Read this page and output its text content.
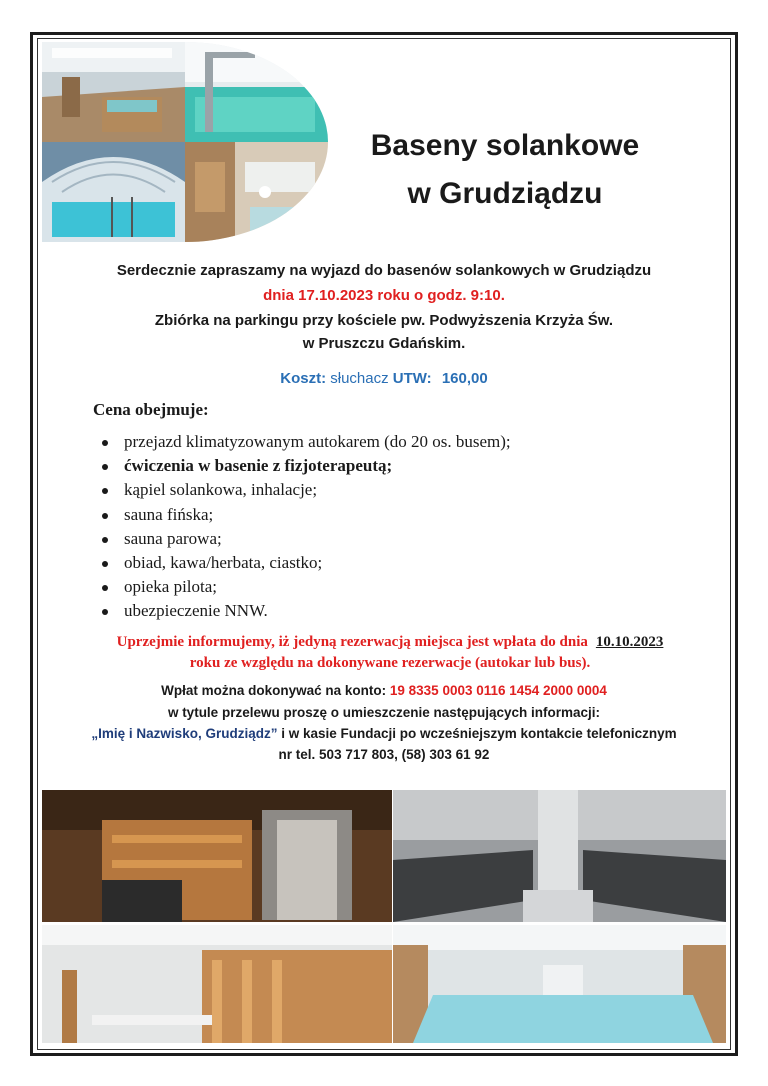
Baseny solankowe
w Grudziądzu
Serdecznie zapraszamy na wyjazd do basenów solankowych w Grudziądzu
dnia 17.10.2023 roku o godz. 9:10.
Zbiórka na parkingu przy kościele pw. Podwyższenia Krzyża Św.
w Pruszczu Gdańskim.
Koszt: słuchacz UTW: 160,00
Cena obejmuje:
przejazd klimatyzowanym autokarem (do 20 os. busem);
ćwiczenia w basenie z fizjoterapeutą;
kąpiel solankowa, inhalacje;
sauna fińska;
sauna parowa;
obiad, kawa/herbata, ciastko;
opieka pilota;
ubezpieczenie NNW.
Uprzejmie informujemy, iż jedyną rezerwacją miejsca jest wpłata do dnia 10.10.2023
roku ze względu na dokonywane rezerwacje (autokar lub bus).
Wpłat można dokonywać na konto: 19 8335 0003 0116 1454 2000 0004
w tytule przelewu proszę o umieszczenie następujących informacji:
„Imię i Nazwisko, Grudziądz” i w kasie Fundacji po wcześniejszym kontakcie telefonicznym
nr tel. 503 717 803, (58) 303 61 92
